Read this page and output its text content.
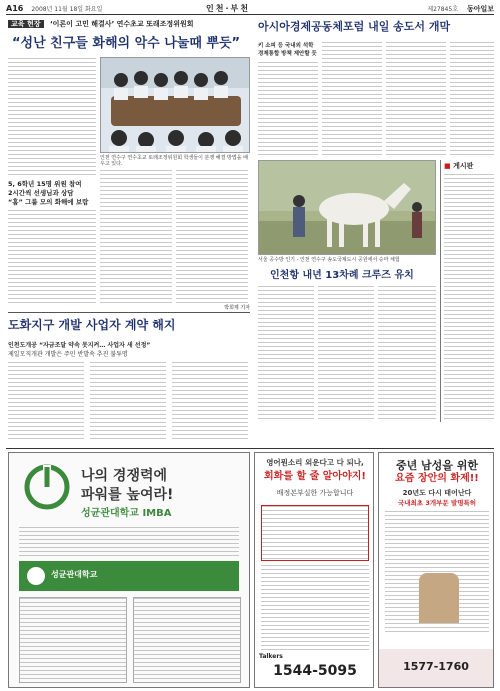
A16 2008년 11월 18일 화요일	인천·부천	제27845호 동아일보
교육 현장 ‘이론이 고민 해결사’ 연수초교 또래조정위원회
“성난 친구들 화해의 악수 나눌때 뿌듯”
인천 연수구 연수초교 또래조정위원회 학생들이 분쟁 해결 방법을 배우고 있다.
5, 6학년 15명 위원 참여
2시간씩 선생님과 상담
“홈” 그룹 모의 화해에 보람
박희제 기자
도화지구 개발 사업자 계약 해지
인천도개공 “자금조달 약속 못지켜… 사업자 새 선정”
제일모직개관 개발은 주민 반발속 추진 불투명
아시아경제공동체포럼 내일 송도서 개막
키 소피 등 국내외 석학
경제통합 방책 제안할 듯
서울 공수방 인기 - 인천 연수구 송도국제도시 공원에서 승마 체험
■ 게시판
인천항 내년 13차례 크루즈 유치
나의 경쟁력에
파워를 높여라!
성균관대학교 IMBA
성균관대학교
영어뭔소리 외운다고 다 되나,
회화를 할 줄 알아야지!
배정본부실한 가능합니다
Talkers
1544-5095
중년 남성을 위한
요즘 장안의 화제!!
20년도 다시 태어난다
국내최초 3개부문 발명특허
1577-1760
